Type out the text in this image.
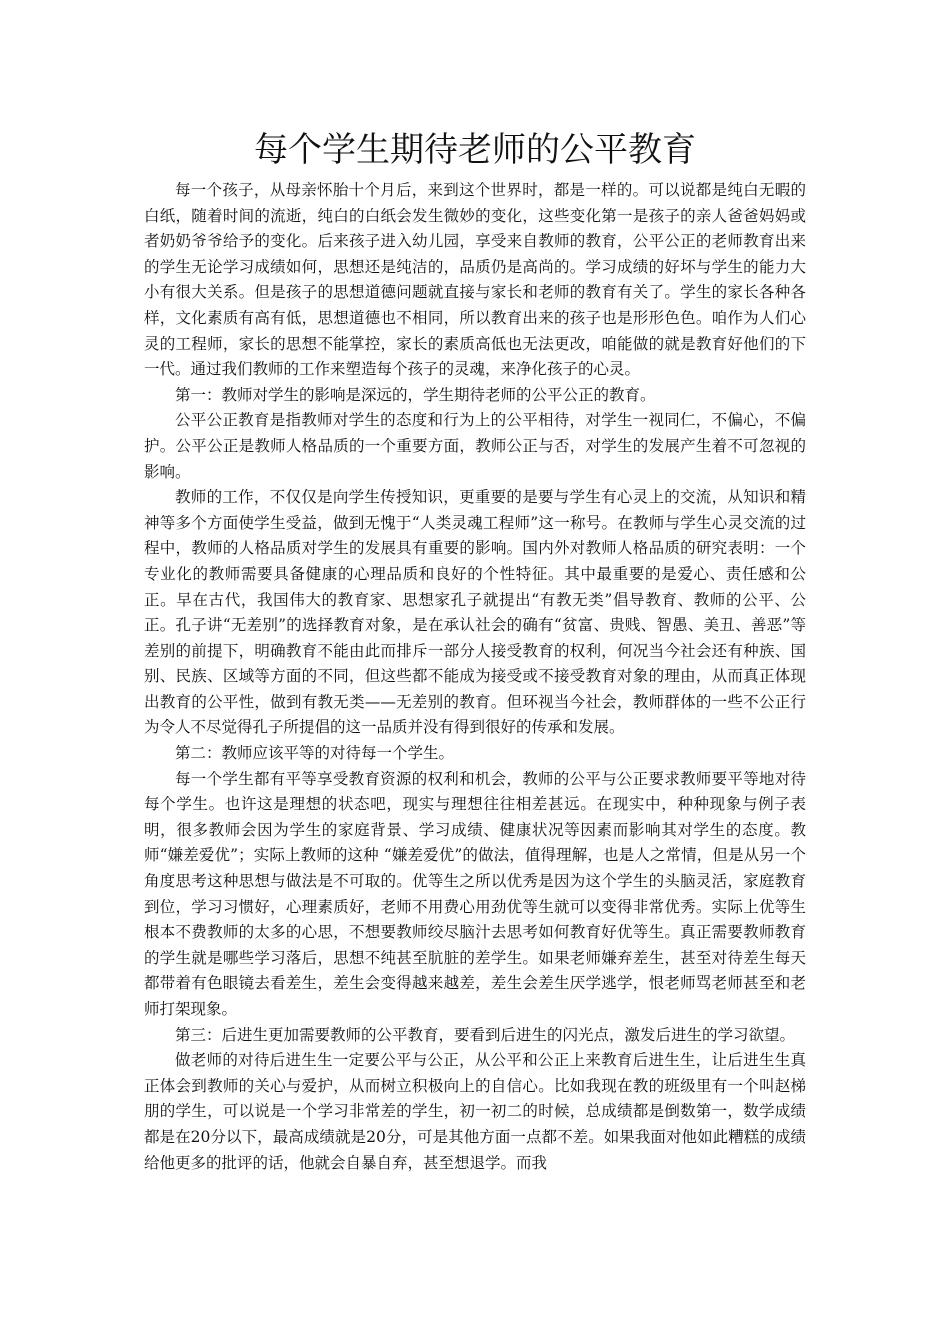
每个学生期待老师的公平教育

每一个孩子，从母亲怀胎十个月后，来到这个世界时，都是一样的。可以说都是纯白无暇的白纸，随着时间的流逝，纯白的白纸会发生微妙的变化，这些变化第一是孩子的亲人爸爸妈妈或者奶奶爷爷给予的变化。后来孩子进入幼儿园，享受来自教师的教育，公平公正的老师教育出来的学生无论学习成绩如何，思想还是纯洁的，品质仍是高尚的。学习成绩的好坏与学生的能力大小有很大关系。但是孩子的思想道德问题就直接与家长和老师的教育有关了。学生的家长各种各样，文化素质有高有低，思想道德也不相同，所以教育出来的孩子也是形形色色。咱作为人们心灵的工程师，家长的思想不能掌控，家长的素质高低也无法更改，咱能做的就是教育好他们的下一代。通过我们教师的工作来塑造每个孩子的灵魂，来净化孩子的心灵。

第一：教师对学生的影响是深远的，学生期待老师的公平公正的教育。

公平公正教育是指教师对学生的态度和行为上的公平相待，对学生一视同仁，不偏心，不偏护。公平公正是教师人格品质的一个重要方面，教师公正与否，对学生的发展产生着不可忽视的影响。

教师的工作，不仅仅是向学生传授知识，更重要的是要与学生有心灵上的交流，从知识和精神等多个方面使学生受益，做到无愧于“人类灵魂工程师”这一称号。在教师与学生心灵交流的过程中，教师的人格品质对学生的发展具有重要的影响。国内外对教师人格品质的研究表明：一个专业化的教师需要具备健康的心理品质和良好的个性特征。其中最重要的是爱心、责任感和公正。早在古代，我国伟大的教育家、思想家孔子就提出“有教无类”倡导教育、教师的公平、公正。孔子讲“无差别”的选择教育对象，是在承认社会的确有“贫富、贵贱、智愚、美丑、善恶”等差别的前提下，明确教育不能由此而排斥一部分人接受教育的权利，何况当今社会还有种族、国别、民族、区域等方面的不同，但这些都不能成为接受或不接受教育对象的理由，从而真正体现出教育的公平性，做到有教无类——无差别的教育。但环视当今社会，教师群体的一些不公正行为令人不尽觉得孔子所提倡的这一品质并没有得到很好的传承和发展。

第二：教师应该平等的对待每一个学生。

每一个学生都有平等享受教育资源的权利和机会，教师的公平与公正要求教师要平等地对待每个学生。也许这是理想的状态吧，现实与理想往往相差甚远。在现实中，种种现象与例子表明，很多教师会因为学生的家庭背景、学习成绩、健康状况等因素而影响其对学生的态度。教师“嫌差爱优”；实际上教师的这种 “嫌差爱优”的做法，值得理解，也是人之常情，但是从另一个角度思考这种思想与做法是不可取的。优等生之所以优秀是因为这个学生的头脑灵活，家庭教育到位，学习习惯好，心理素质好，老师不用费心用劲优等生就可以变得非常优秀。实际上优等生根本不费教师的太多的心思，不想要教师绞尽脑汁去思考如何教育好优等生。真正需要教师教育的学生就是哪些学习落后，思想不纯甚至肮脏的差学生。如果老师嫌弃差生，甚至对待差生每天都带着有色眼镜去看差生，差生会变得越来越差，差生会差生厌学逃学，恨老师骂老师甚至和老师打架现象。

第三：后进生更加需要教师的公平教育，要看到后进生的闪光点，激发后进生的学习欲望。

做老师的对待后进生生一定要公平与公正，从公平和公正上来教育后进生生，让后进生生真正体会到教师的关心与爱护，从而树立积极向上的自信心。比如我现在教的班级里有一个叫赵梯朋的学生，可以说是一个学习非常差的学生，初一初二的时候，总成绩都是倒数第一，数学成绩都是在20分以下，最高成绩就是20分，可是其他方面一点都不差。如果我面对他如此糟糕的成绩给他更多的批评的话，他就会自暴自弃，甚至想退学。而我
